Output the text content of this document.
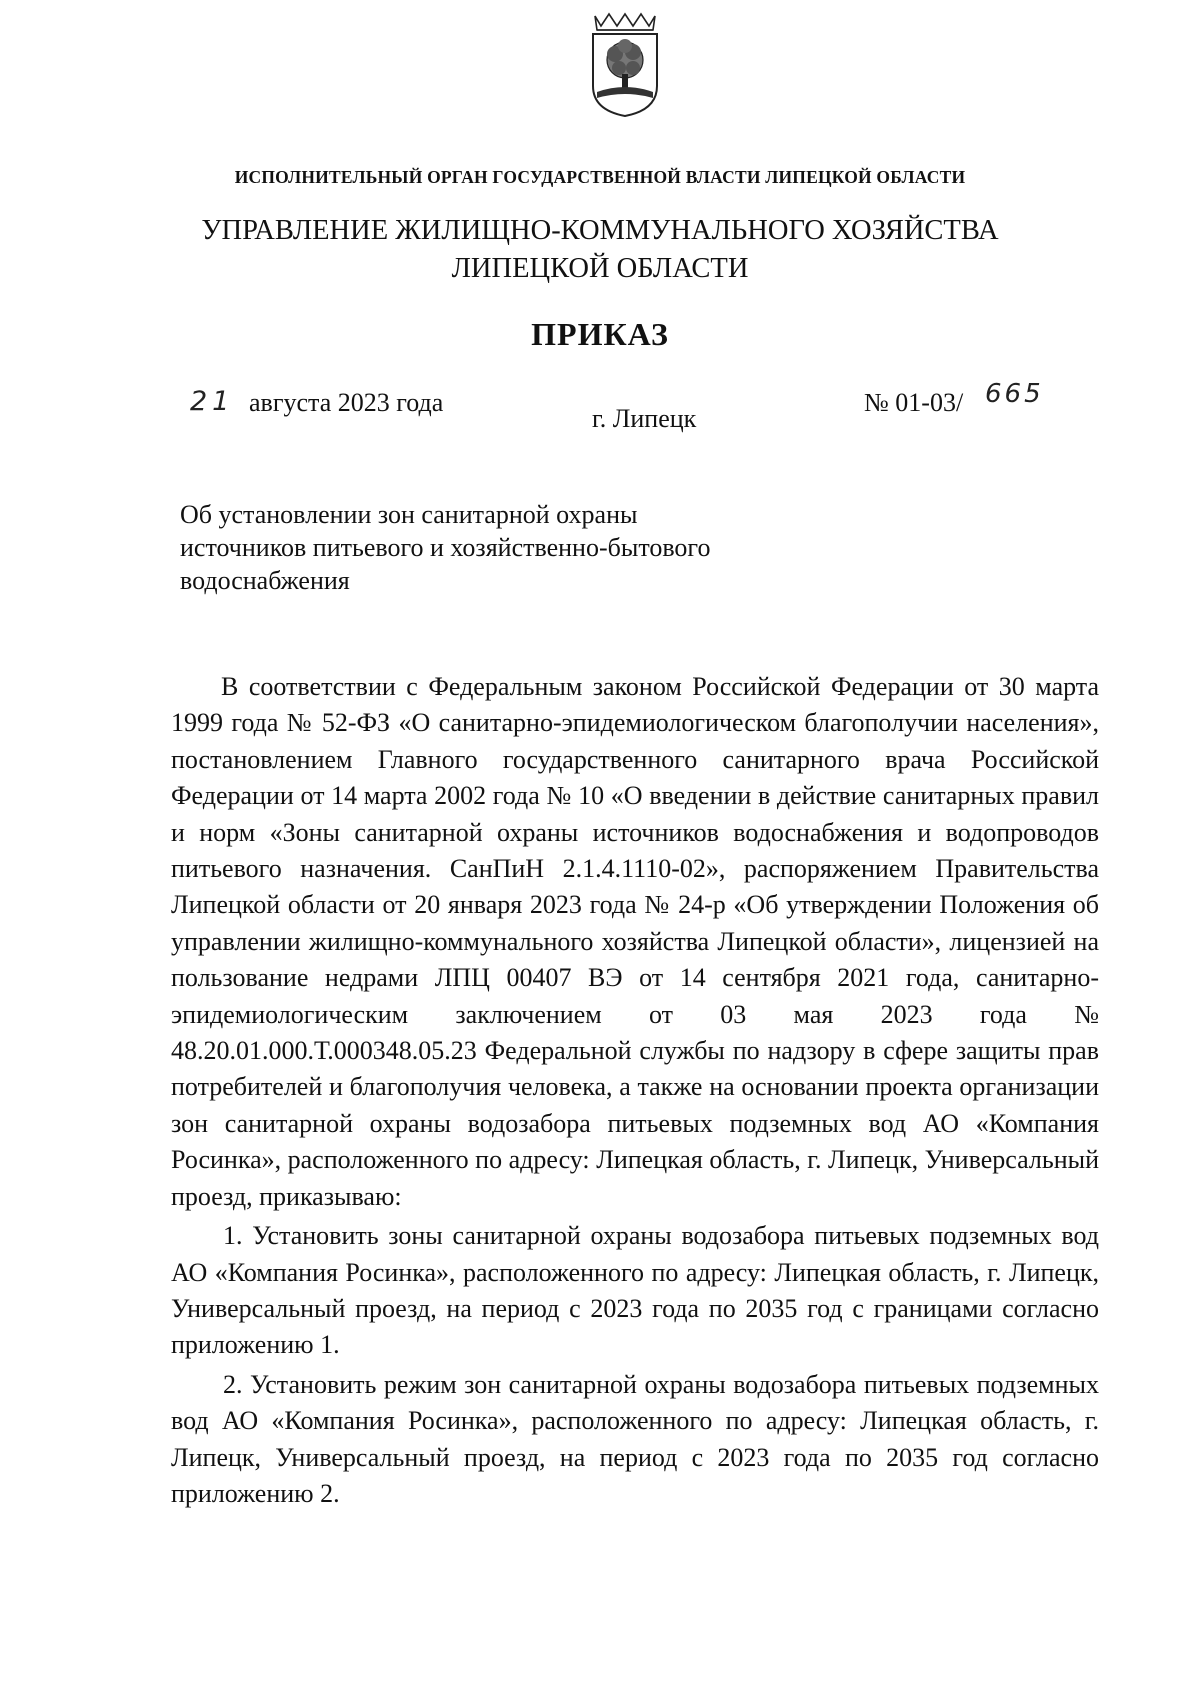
ИСПОЛНИТЕЛЬНЫЙ ОРГАН ГОСУДАРСТВЕННОЙ ВЛАСТИ ЛИПЕЦКОЙ ОБЛАСТИ
УПРАВЛЕНИЕ ЖИЛИЩНО-КОММУНАЛЬНОГО ХОЗЯЙСТВА
ЛИПЕЦКОЙ ОБЛАСТИ
ПРИКАЗ
21 августа 2023 года
г. Липецк
№ 01-03/ 665
Об установлении зон санитарной охраны
источников питьевого и хозяйственно-бытового
водоснабжения

В соответствии с Федеральным законом Российской Федерации от 30 марта 1999 года № 52-ФЗ «О санитарно-эпидемиологическом благополучии населения», постановлением Главного государственного санитарного врача Российской Федерации от 14 марта 2002 года № 10 «О введении в действие санитарных правил и норм «Зоны санитарной охраны источников водоснабжения и водопроводов питьевого назначения. СанПиН 2.1.4.1110-02», распоряжением Правительства Липецкой области от 20 января 2023 года № 24-р «Об утверждении Положения об управлении жилищно-коммунального хозяйства Липецкой области», лицензией на пользование недрами ЛПЦ 00407 ВЭ от 14 сентября 2021 года, санитарно-эпидемиологическим заключением от 03 мая 2023 года № 48.20.01.000.Т.000348.05.23 Федеральной службы по надзору в сфере защиты прав потребителей и благополучия человека, а также на основании проекта организации зон санитарной охраны водозабора питьевых подземных вод АО «Компания Росинка», расположенного по адресу: Липецкая область, г. Липецк, Универсальный проезд, приказываю:

1. Установить зоны санитарной охраны водозабора питьевых подземных вод АО «Компания Росинка», расположенного по адресу: Липецкая область, г. Липецк, Универсальный проезд, на период с 2023 года по 2035 год с границами согласно приложению 1.

2. Установить режим зон санитарной охраны водозабора питьевых подземных вод АО «Компания Росинка», расположенного по адресу: Липецкая область, г. Липецк, Универсальный проезд, на период с 2023 года по 2035 год согласно приложению 2.
